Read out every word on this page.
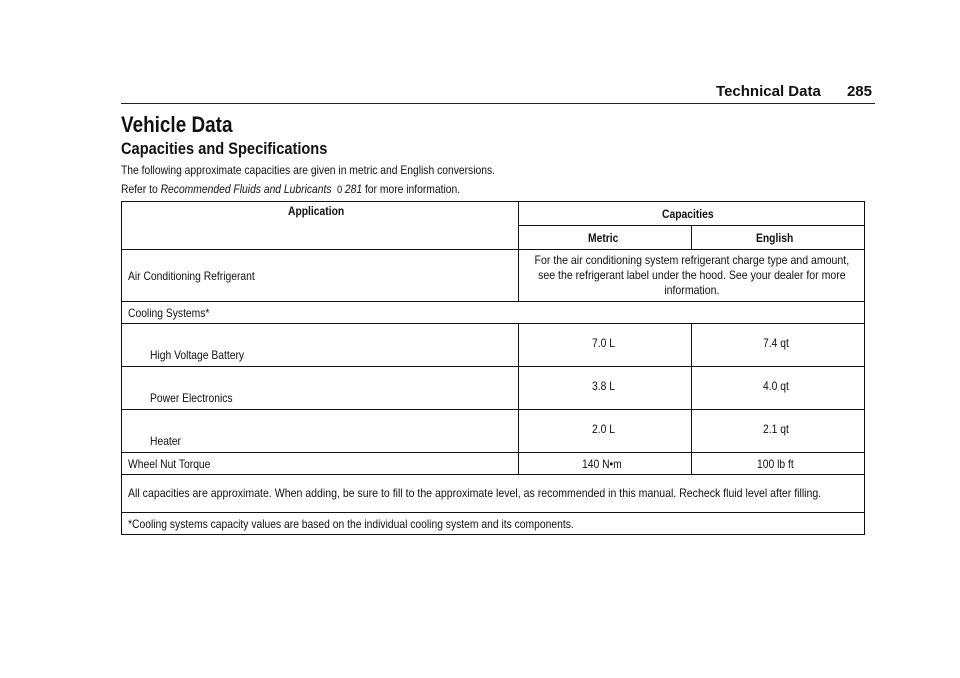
Technical Data 285
Vehicle Data
Capacities and Specifications
The following approximate capacities are given in metric and English conversions.
Refer to Recommended Fluids and Lubricants 0 281 for more information.
Application	Capacities	
	Metric	English
Air Conditioning Refrigerant	For the air conditioning system refrigerant charge type and amount, see the refrigerant label under the hood. See your dealer for more information.	

Cooling Systems*		
High Voltage Battery	7.0 L	7.4 qt
Power Electronics	3.8 L	4.0 qt
Heater	2.0 L	2.1 qt
Wheel Nut Torque	140 N•m	100 lb ft

All capacities are approximate. When adding, be sure to fill to the approximate level, as recommended in this manual. Recheck fluid level after filling.		

*Cooling systems capacity values are based on the individual cooling system and its components.		
